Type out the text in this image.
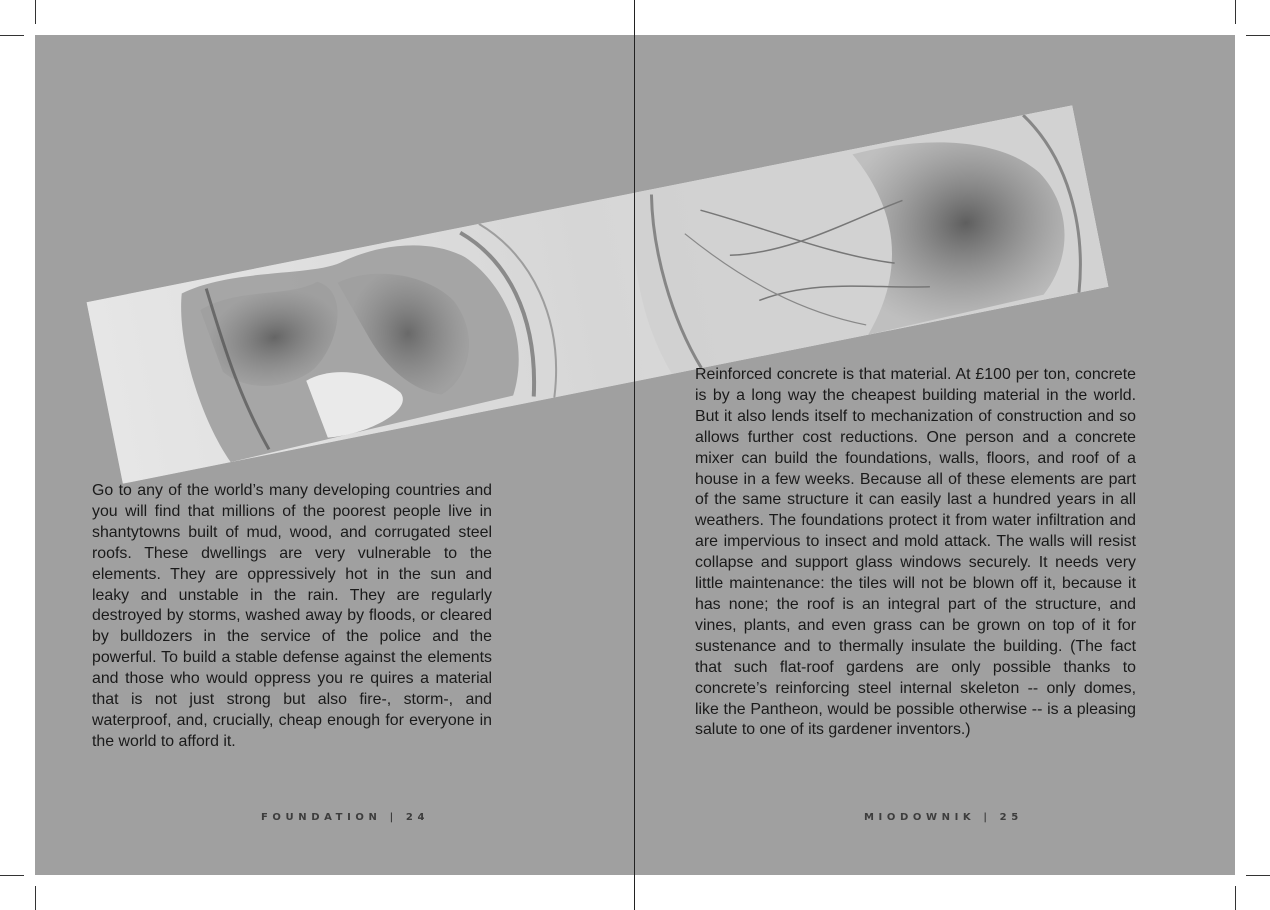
Go to any of the world’s many developing countries and you will find that millions of the poorest people live in shantytowns built of mud, wood, and corrugated steel roofs. These dwellings are very vulnerable to the elements. They are oppressively hot in the sun and leaky and unstable in the rain. They are regularly destroyed by storms, washed away by floods, or cleared by bulldozers in the service of the police and the powerful. To build a stable defense against the elements and those who would oppress you re quires a material that is not just strong but also fire-, storm-, and waterproof, and, crucially, cheap enough for everyone in the world to afford it.

Reinforced concrete is that material. At £100 per ton, concrete is by a long way the cheapest building material in the world. But it also lends itself to mechanization of construction and so allows further cost reductions. One person and a concrete mixer can build the foundations, walls, floors, and roof of a house in a few weeks. Because all of these elements are part of the same structure it can easily last a hundred years in all weathers. The foundations protect it from water infiltration and are impervious to insect and mold attack. The walls will resist collapse and support glass windows securely. It needs very little maintenance: the tiles will not be blown off it, because it has none; the roof is an integral part of the structure, and vines, plants, and even grass can be grown on top of it for sustenance and to thermally insulate the building. (The fact that such flat-roof gardens are only possible thanks to concrete’s reinforcing steel internal skeleton -- only domes, like the Pantheon, would be possible otherwise -- is a pleasing salute to one of its gardener inventors.)

FOUNDATION | 24	MIODOWNIK | 25
